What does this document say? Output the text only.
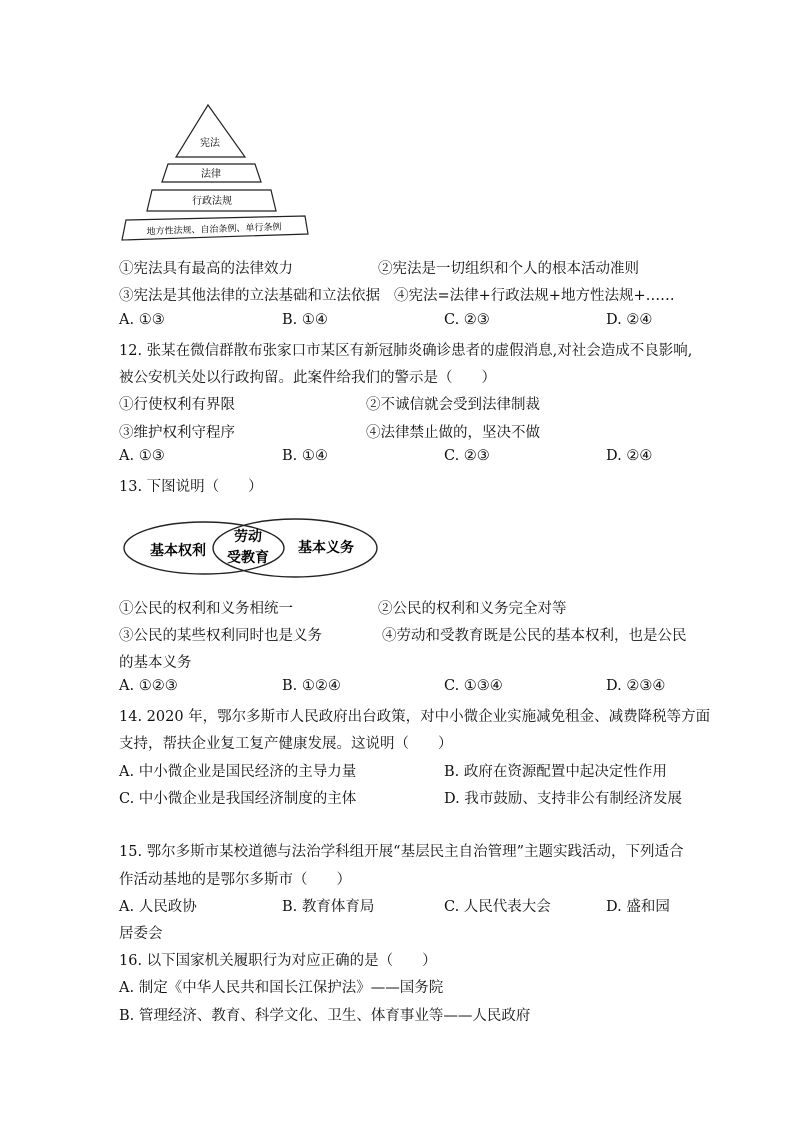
宪法
法律
行政法规
地方性法规、自治条例、单行条例
①宪法具有最高的法律效力	②宪法是一切组织和个人的根本活动准则
③宪法是其他法律的立法基础和立法依据 ④宪法=法律+行政法规+地方性法规+……
A. ①③	B. ①④	C. ②③	D. ②④
12. 张某在微信群散布张家口市某区有新冠肺炎确诊患者的虚假消息,对社会造成不良影响,
被公安机关处以行政拘留。此案件给我们的警示是（　　）
①行使权利有界限	②不诚信就会受到法律制裁
③维护权利守程序	④法律禁止做的，坚决不做
A. ①③	B. ①④	C. ②③	D. ②④
13. 下图说明（　　）
基本权利
劳动
受教育
基本义务
①公民的权利和义务相统一	②公民的权利和义务完全对等
③公民的某些权利同时也是义务	④劳动和受教育既是公民的基本权利，也是公民
的基本义务
A. ①②③	B. ①②④	C. ①③④	D. ②③④
14. 2020 年，鄂尔多斯市人民政府出台政策，对中小微企业实施减免租金、减费降税等方面
支持，帮扶企业复工复产健康发展。这说明（　　）
A. 中小微企业是国民经济的主导力量	B. 政府在资源配置中起决定性作用
C. 中小微企业是我国经济制度的主体	D. 我市鼓励、支持非公有制经济发展
15. 鄂尔多斯市某校道德与法治学科组开展“基层民主自治管理”主题实践活动，下列适合
作活动基地的是鄂尔多斯市（　　）
A. 人民政协	B. 教育体育局	C. 人民代表大会	D. 盛和园
居委会
16. 以下国家机关履职行为对应正确的是（　　）
A. 制定《中华人民共和国长江保护法》——国务院
B. 管理经济、教育、科学文化、卫生、体育事业等——人民政府
